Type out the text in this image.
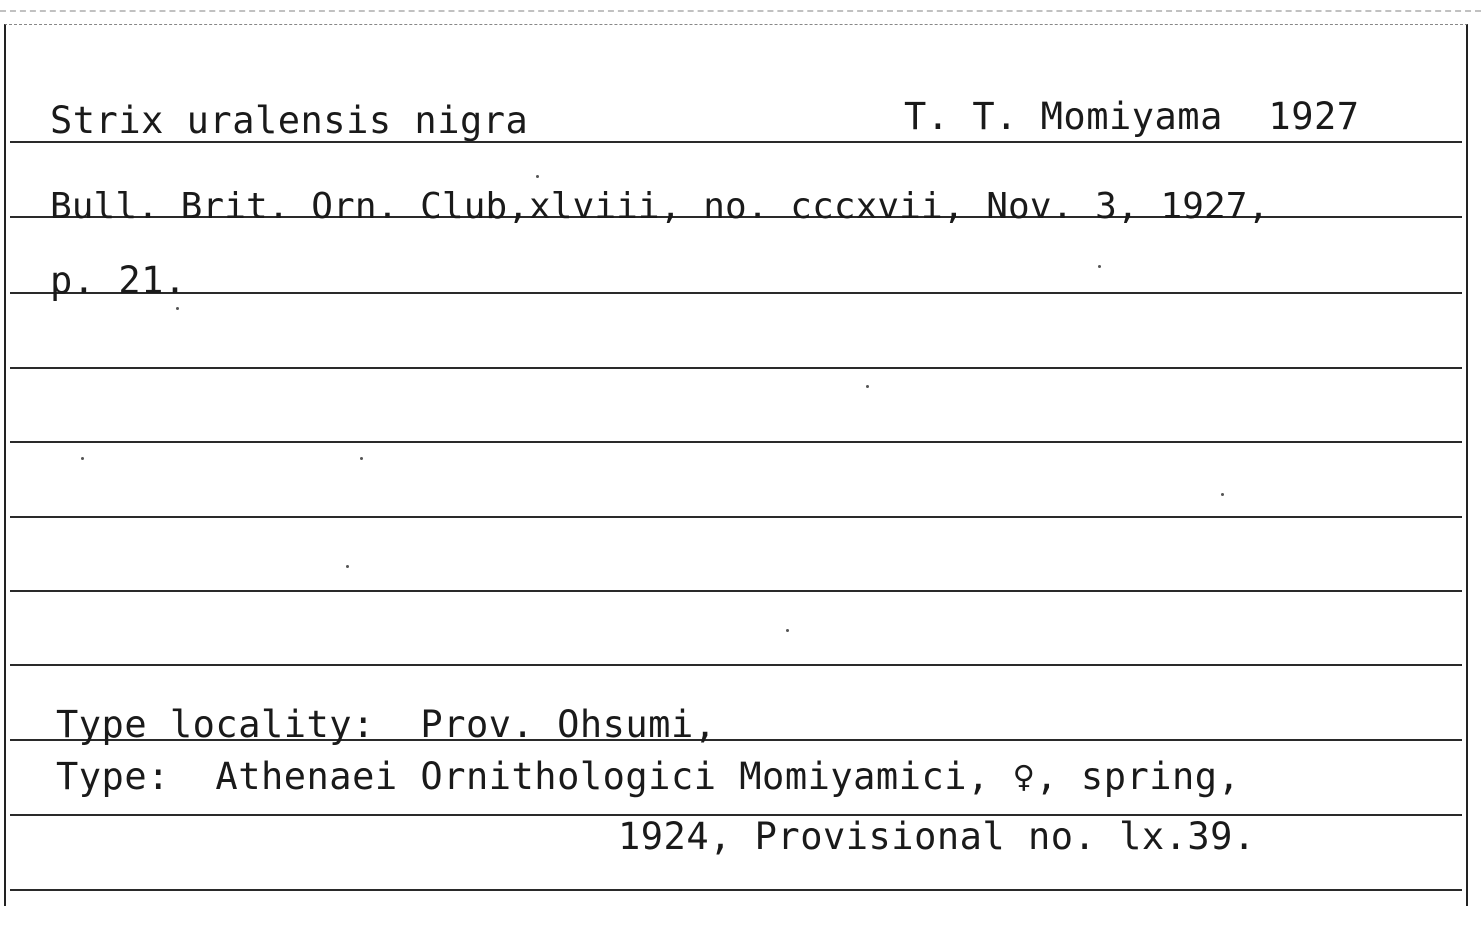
Strix uralensis nigra	T. T. Momiyama  1927
Bull. Brit. Orn. Club,xlviii, no. cccxvii, Nov. 3, 1927,
p. 21.
Type locality:  Prov. Ohsumi,
Type:  Athenaei Ornithologici Momiyamici, ♀, spring,
1924, Provisional no. lx.39.
